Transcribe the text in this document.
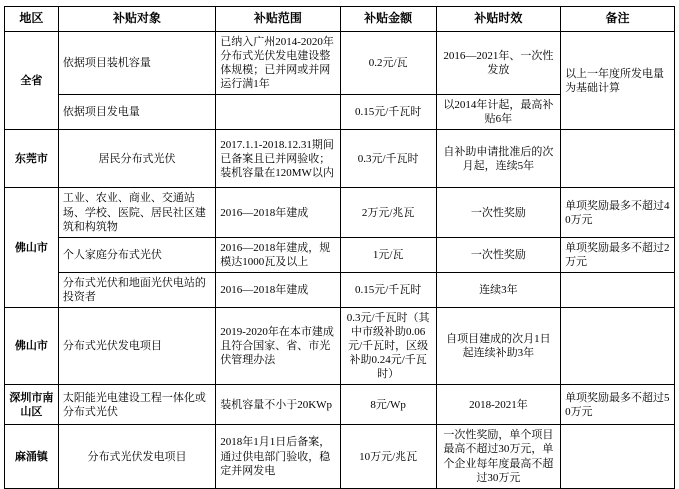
地区	补贴对象	补贴范围	补贴金额	补贴时效	备注
全省	依据项目装机容量	已纳入广州2014-2020年分布式光伏发电建设整体规模；已并网或并网运行满1年	0.2元/瓦	2016—2021年、一次性发放	以上一年度所发电量为基础计算
	依据项目发电量		0.15元/千瓦时	以2014年计起，最高补贴6年	
东莞市	居民分布式光伏	2017.1.1-2018.12.31期间已备案且已并网验收；装机容量在120MW以内	0.3元/千瓦时	自补助申请批准后的次月起，连续5年	
佛山市	工业、农业、商业、交通站场、学校、医院、居民社区建筑和构筑物	2016—2018年建成	2万元/兆瓦	一次性奖励	单项奖励最多不超过40万元
	个人家庭分布式光伏	2016—2018年建成，规模达1000瓦及以上	1元/瓦	一次性奖励	单项奖励最多不超过2万元
	分布式光伏和地面光伏电站的投资者	2016—2018年建成	0.15元/千瓦时	连续3年	
佛山市	分布式光伏发电项目	2019-2020年在本市建成且符合国家、省、市光伏管理办法	0.3元/千瓦时（其中市级补助0.06元/千瓦时，区级补助0.24元/千瓦时）	自项目建成的次月1日起连续补助3年	
深圳市南山区	太阳能光电建设工程一体化或分布式光伏	装机容量不小于20KWp	8元/Wp	2018-2021年	单项奖励最多不超过50万元
麻涌镇	分布式光伏发电项目	2018年1月1日后备案，通过供电部门验收，稳定并网发电	10万元/兆瓦	一次性奖励，单个项目最高不超过30万元，单个企业每年度最高不超过30万元	
